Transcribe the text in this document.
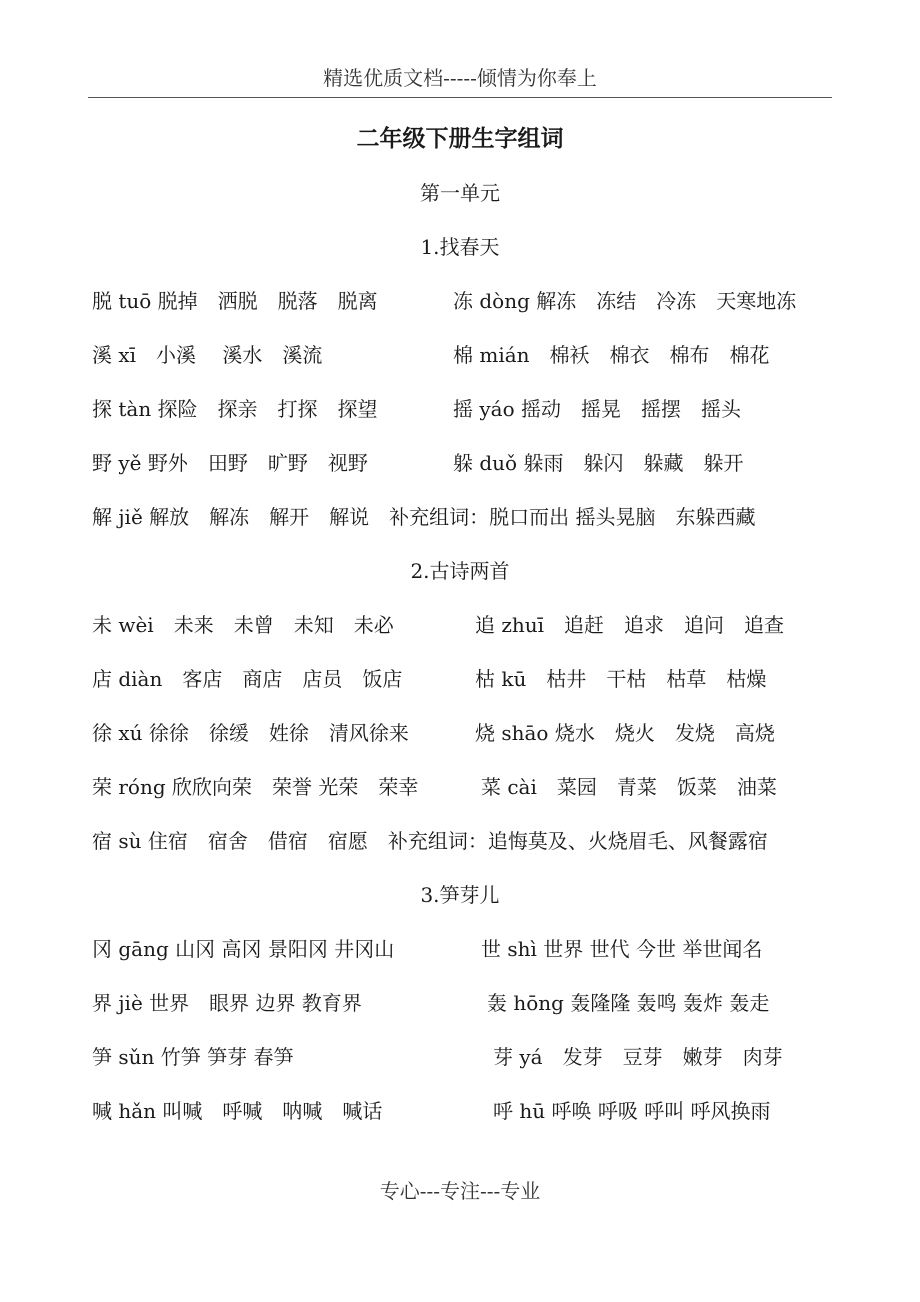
精选优质文档-----倾情为你奉上
二年级下册生字组词
第一单元
1.找春天
脱 tuō 脱掉　洒脱　脱落　脱离	冻 dòng 解冻　冻结　冷冻　天寒地冻
溪 xī　小溪　 溪水　溪流	棉 mián　棉袄　棉衣　棉布　棉花
探 tàn 探险　探亲　打探　探望	摇 yáo 摇动　摇晃　摇摆　摇头
野 yě 野外　田野　旷野　视野	躲 duǒ 躲雨　躲闪　躲藏　躲开
解 jiě 解放　解冻　解开　解说　补充组词：脱口而出 摇头晃脑　东躲西藏
2.古诗两首
未 wèi　未来　未曾　未知　未必	追 zhuī　追赶　追求　追问　追查
店 diàn　客店　商店　店员　饭店	枯 kū　枯井　干枯　枯草　枯燥
徐 xú 徐徐　徐缓　姓徐　清风徐来	烧 shāo 烧水　烧火　发烧　高烧
荣 róng 欣欣向荣　荣誉 光荣　荣幸	菜 cài　菜园　青菜　饭菜　油菜
宿 sù 住宿　宿舍　借宿　宿愿　补充组词：追悔莫及、火烧眉毛、风餐露宿
3.笋芽儿
冈 gāng 山冈 高冈 景阳冈 井冈山	世 shì 世界 世代 今世 举世闻名
界 jiè 世界　眼界 边界 教育界	轰 hōng 轰隆隆 轰鸣 轰炸 轰走
笋 sǔn 竹笋 笋芽 春笋	芽 yá　发芽　豆芽　嫩芽　肉芽
喊 hǎn 叫喊　呼喊　呐喊　喊话	呼 hū 呼唤 呼吸 呼叫 呼风换雨
专心---专注---专业
